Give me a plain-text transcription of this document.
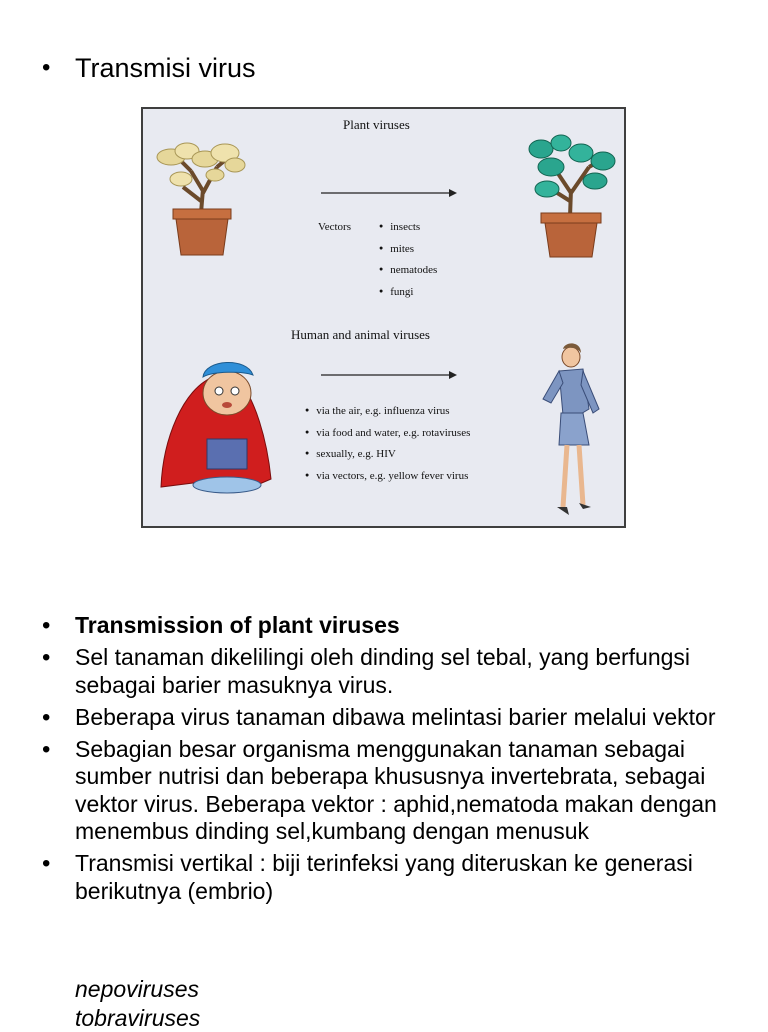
• Transmisi virus
Plant viruses
Vectors
●	insects
● mites
● nematodes
● fungi
Human and animal viruses
● via the air, e.g. influenza virus
● via food and water, e.g. rotaviruses
● sexually, e.g. HIV
● via vectors, e.g. yellow fever virus
•	Transmission of plant viruses
•	Sel tanaman dikelilingi oleh dinding sel tebal, yang berfungsi sebagai barier masuknya virus.
•	Beberapa virus tanaman dibawa melintasi barier melalui vektor
•	Sebagian besar organisma menggunakan tanaman sebagai sumber nutrisi dan beberapa khususnya invertebrata, sebagai vektor virus. Beberapa vektor : aphid,nematoda makan dengan menembus dinding sel,kumbang dengan menusuk
•	Transmisi vertikal : biji terinfeksi yang diteruskan ke generasi berikutnya (embrio)
nepoviruses
tobraviruses
